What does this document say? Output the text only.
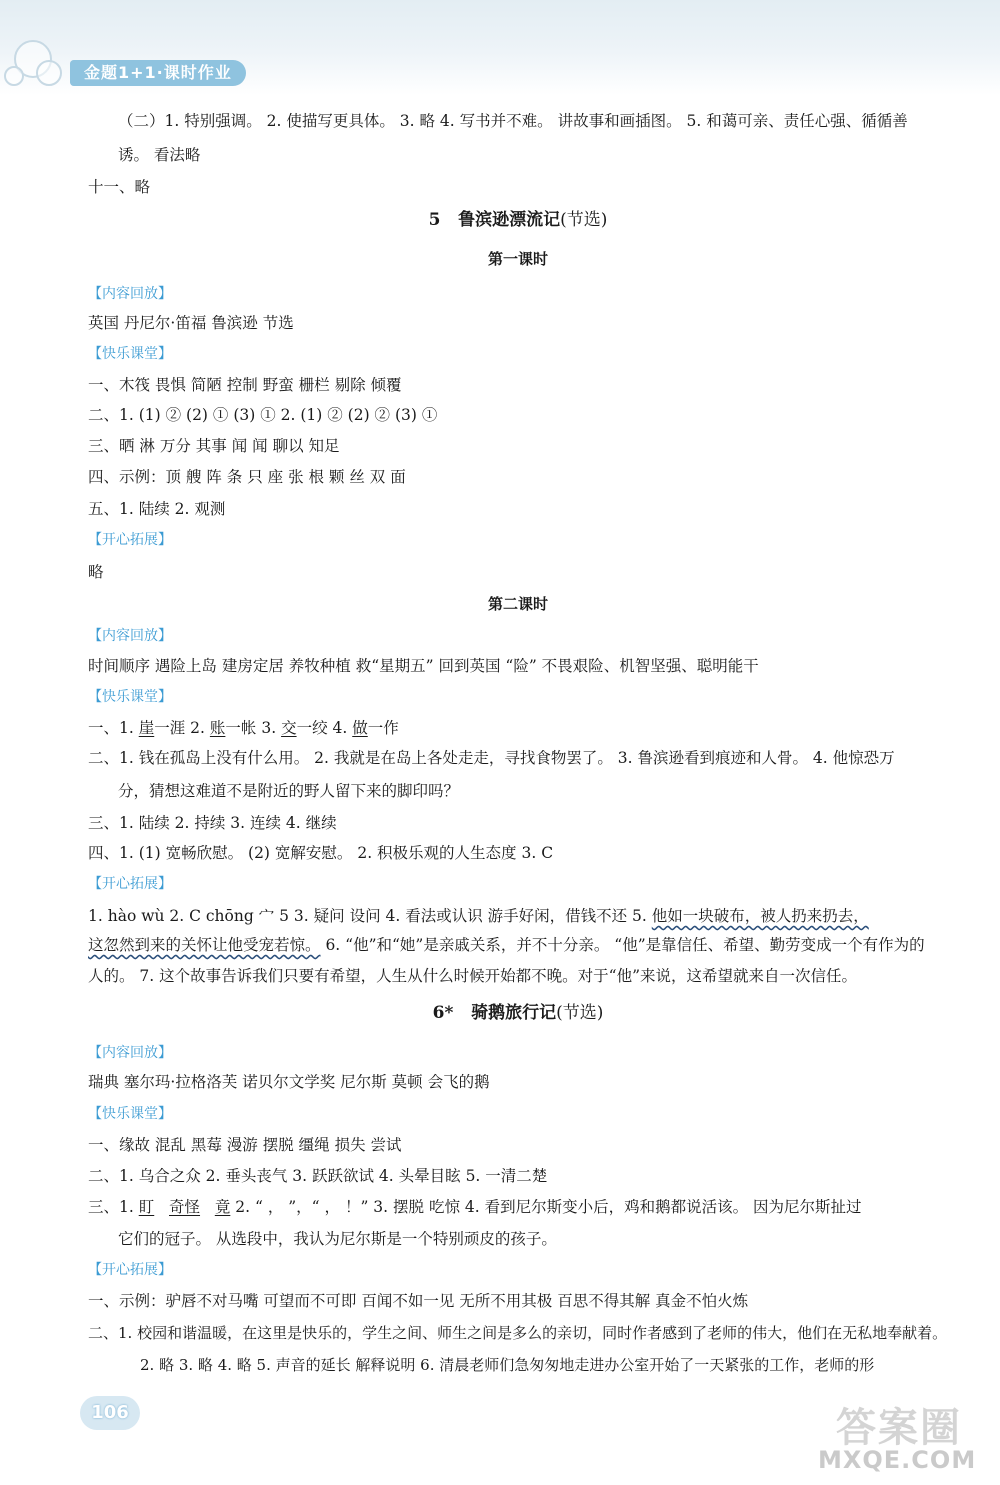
金题1+1·课时作业
（二）1. 特别强调。 2. 使描写更具体。 3. 略 4. 写书并不难。 讲故事和画插图。 5. 和蔼可亲、责任心强、循循善
诱。 看法略
十一、略
5 鲁滨逊漂流记(节选)
第一课时
【内容回放】
英国 丹尼尔·笛福 鲁滨逊 节选
【快乐课堂】
一、木筏 畏惧 简陋 控制 野蛮 栅栏 剔除 倾覆
二、1. (1) ② (2) ① (3) ① 2. (1) ② (2) ② (3) ①
三、晒 淋 万分 其事 闻 闻 聊以 知足
四、示例：顶 艘 阵 条 只 座 张 根 颗 丝 双 面
五、1. 陆续 2. 观测
【开心拓展】
略
第二课时
【内容回放】
时间顺序 遇险上岛 建房定居 养牧种植 救“星期五” 回到英国 “险” 不畏艰险、机智坚强、聪明能干
【快乐课堂】
一、1. 崖一涯 2. 账一帐 3. 交一绞 4. 做一作
二、1. 钱在孤岛上没有什么用。 2. 我就是在岛上各处走走，寻找食物罢了。 3. 鲁滨逊看到痕迹和人骨。 4. 他惊恐万
分，猜想这难道不是附近的野人留下来的脚印吗？
三、1. 陆续 2. 持续 3. 连续 4. 继续
四、1. (1) 宽畅欣慰。 (2) 宽解安慰。 2. 积极乐观的人生态度 3. C
【开心拓展】
1. hào wù 2. C chōng 宀 5 3. 疑问 设问 4. 看法或认识 游手好闲，借钱不还 5. 他如一块破布，被人扔来扔去，
这忽然到来的关怀让他受宠若惊。 6. “他”和“她”是亲戚关系，并不十分亲。 “他”是靠信任、希望、勤劳变成一个有作为的
人的。 7. 这个故事告诉我们只要有希望，人生从什么时候开始都不晚。对于“他”来说，这希望就来自一次信任。
6* 骑鹅旅行记(节选)
【内容回放】
瑞典 塞尔玛·拉格洛芙 诺贝尔文学奖 尼尔斯 莫顿 会飞的鹅
【快乐课堂】
一、缘故 混乱 黑莓 漫游 摆脱 缰绳 损失 尝试
二、1. 乌合之众 2. 垂头丧气 3. 跃跃欲试 4. 头晕目眩 5. 一清二楚
三、1. 盯 奇怪 竟 2. “ ， ”，“ ， ！” 3. 摆脱 吃惊 4. 看到尼尔斯变小后，鸡和鹅都说活该。 因为尼尔斯扯过
它们的冠子。 从选段中，我认为尼尔斯是一个特别顽皮的孩子。
【开心拓展】
一、示例：驴唇不对马嘴 可望而不可即 百闻不如一见 无所不用其极 百思不得其解 真金不怕火炼
二、1. 校园和谐温暖，在这里是快乐的，学生之间、师生之间是多么的亲切，同时作者感到了老师的伟大，他们在无私地奉献着。
2. 略 3. 略 4. 略 5. 声音的延长 解释说明 6. 清晨老师们急匆匆地走进办公室开始了一天紧张的工作，老师的形
106	答案圈
MXQE.COM
